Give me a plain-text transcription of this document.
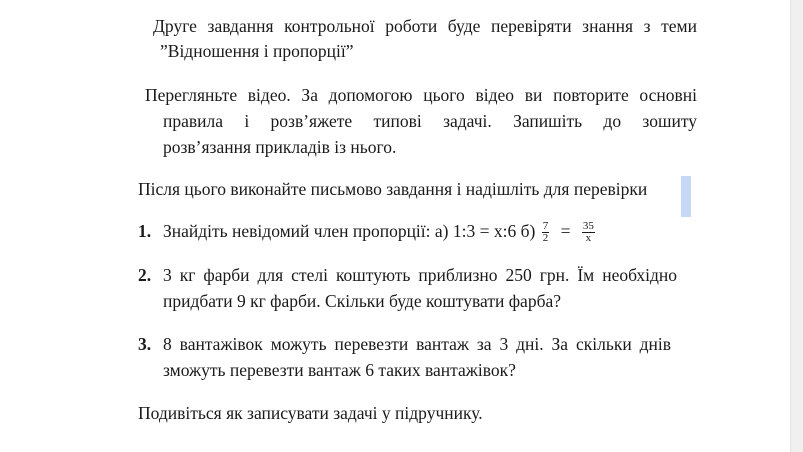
Друге завдання контрольної роботи буде перевіряти знання з теми
”Відношення і пропорції”
Перегляньте відео. За допомогою цього відео ви повторите основні
правила і розв’яжете типові задачі. Запишіть до зошиту
розв’язання прикладів із нього.
Після цього виконайте письмово завдання і надішліть для перевірки
1. Знайдіть невідомий член пропорції: а) 1:3 = х:6 $б) \frac{7}{2} = \frac{35}{x}$
2. 3 кг фарби для стелі коштують приблизно 250 грн. Їм необхідно
придбати 9 кг фарби. Скільки буде коштувати фарба?
3. 8 вантажівок можуть перевезти вантаж за 3 дні. За скільки днів
зможуть перевезти вантаж 6 таких вантажівок?
Подивіться як записувати задачі у підручнику.
